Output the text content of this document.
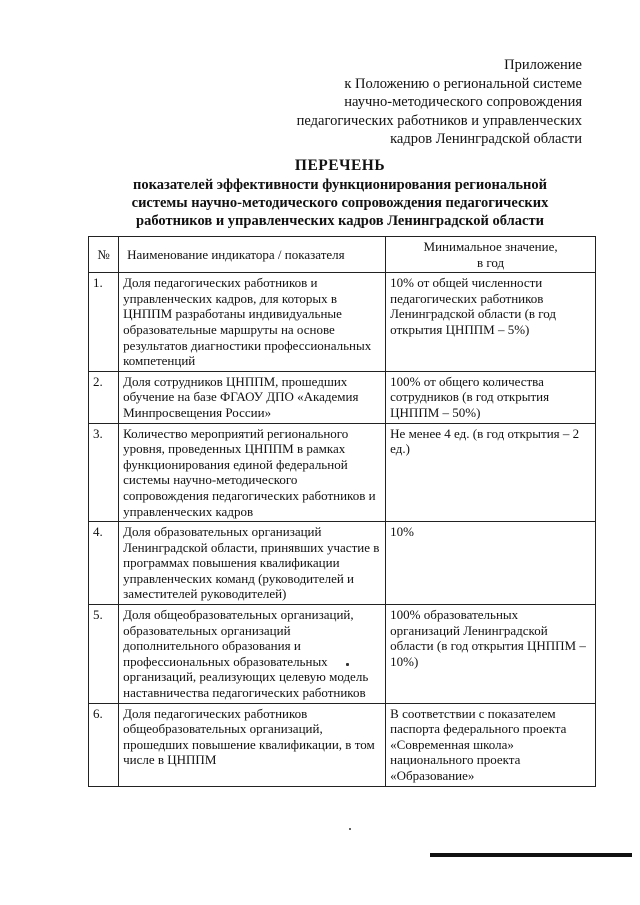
Приложение
к Положению о региональной системе
научно-методического сопровождения
педагогических работников и управленческих
кадров Ленинградской области
ПЕРЕЧЕНЬ
показателей эффективности функционирования региональной
системы научно-методического сопровождения педагогических
работников и управленческих кадров Ленинградской области
№	Наименование индикатора / показателя	Минимальное значение,
в год

1.	Доля педагогических работников и управленческих кадров, для которых в ЦНППМ разработаны индивидуальные образовательные маршруты на основе результатов диагностики профессиональных компетенций	10% от общей численности педагогических работников Ленинградской области (в год открытия ЦНППМ – 5%)
2.	Доля сотрудников ЦНППМ, прошедших обучение на базе ФГАОУ ДПО «Академия Минпросвещения России»	100% от общего количества сотрудников (в год открытия ЦНППМ – 50%)
3.	Количество мероприятий регионального уровня, проведенных ЦНППМ в рамках функционирования единой федеральной системы научно-методического сопровождения педагогических работников и управленческих кадров	Не менее 4 ед. (в год открытия – 2 ед.)
4.	Доля образовательных организаций Ленинградской области, принявших участие в программах повышения квалификации управленческих команд (руководителей и заместителей руководителей)	10%
5.	Доля общеобразовательных организаций, образовательных организаций дополнительного образования и профессиональных образовательных организаций, реализующих целевую модель наставничества педагогических работников	100% образовательных организаций Ленинградской области (в год открытия ЦНППМ – 10%)
6.	Доля педагогических работников общеобразовательных организаций, прошедших повышение квалификации, в том числе в ЦНППМ	В соответствии с показателем паспорта федерального проекта «Современная школа» национального проекта «Образование»
